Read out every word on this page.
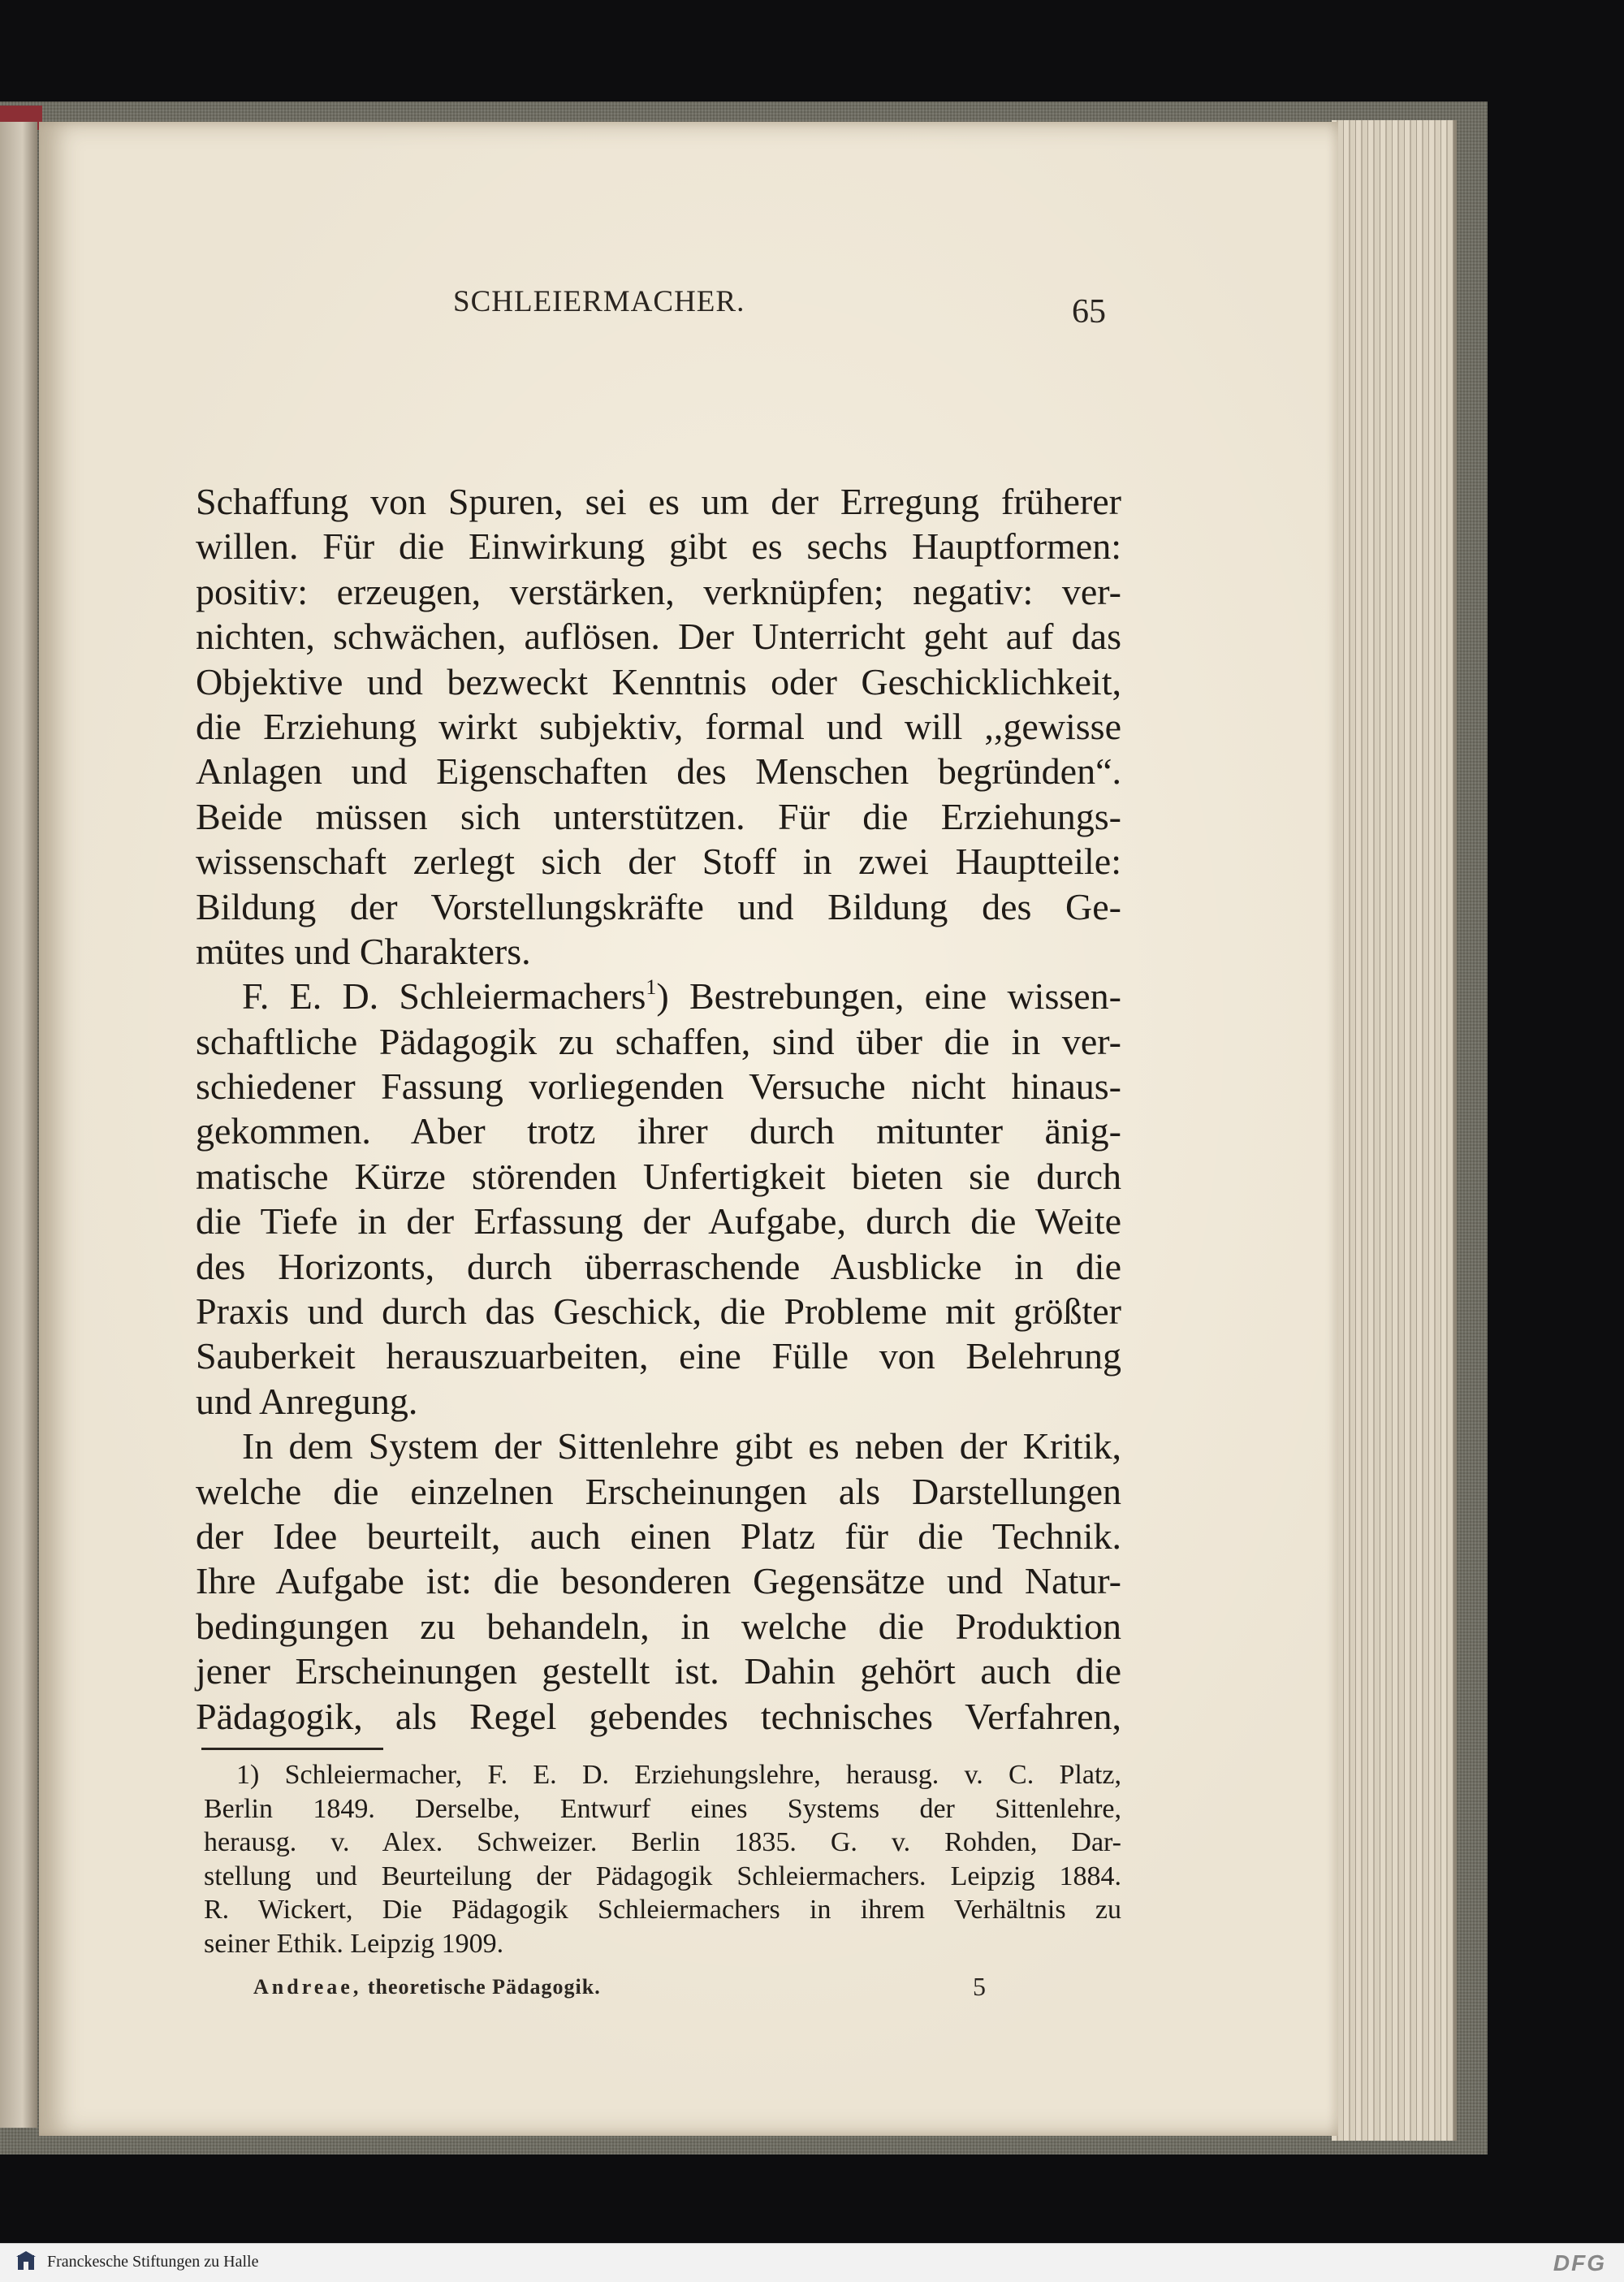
SCHLEIERMACHER.	65
Schaffung von Spuren, sei es um der Erregung früherer
willen. Für die Einwirkung gibt es sechs Hauptformen:
positiv: erzeugen, verstärken, verknüpfen; negativ: ver-
nichten, schwächen, auflösen. Der Unterricht geht auf das
Objektive und bezweckt Kenntnis oder Geschicklichkeit,
die Erziehung wirkt subjektiv, formal und will ,,gewisse
Anlagen und Eigenschaften des Menschen begründen“.
Beide müssen sich unterstützen. Für die Erziehungs-
wissenschaft zerlegt sich der Stoff in zwei Hauptteile:
Bildung der Vorstellungskräfte und Bildung des Ge-
mütes und Charakters.
F. E. D. Schleiermachers$^1$) Bestrebungen, eine wissen-
schaftliche Pädagogik zu schaffen, sind über die in ver-
schiedener Fassung vorliegenden Versuche nicht hinaus-
gekommen. Aber trotz ihrer durch mitunter änig-
matische Kürze störenden Unfertigkeit bieten sie durch
die Tiefe in der Erfassung der Aufgabe, durch die Weite
des Horizonts, durch überraschende Ausblicke in die
Praxis und durch das Geschick, die Probleme mit größter
Sauberkeit herauszuarbeiten, eine Fülle von Belehrung
und Anregung.
In dem System der Sittenlehre gibt es neben der Kritik,
welche die einzelnen Erscheinungen als Darstellungen
der Idee beurteilt, auch einen Platz für die Technik.
Ihre Aufgabe ist: die besonderen Gegensätze und Natur-
bedingungen zu behandeln, in welche die Produktion
jener Erscheinungen gestellt ist. Dahin gehört auch die
Pädagogik, als Regel gebendes technisches Verfahren,
1) Schleiermacher, F. E. D. Erziehungslehre, herausg. v. C. Platz,
Berlin 1849. Derselbe, Entwurf eines Systems der Sittenlehre,
herausg. v. Alex. Schweizer. Berlin 1835. G. v. Rohden, Dar-
stellung und Beurteilung der Pädagogik Schleiermachers. Leipzig 1884.
R. Wickert, Die Pädagogik Schleiermachers in ihrem Verhältnis zu
seiner Ethik. Leipzig 1909.
Andreae, theoretische Pädagogik.	5
Franckesche Stiftungen zu Halle	DFG
